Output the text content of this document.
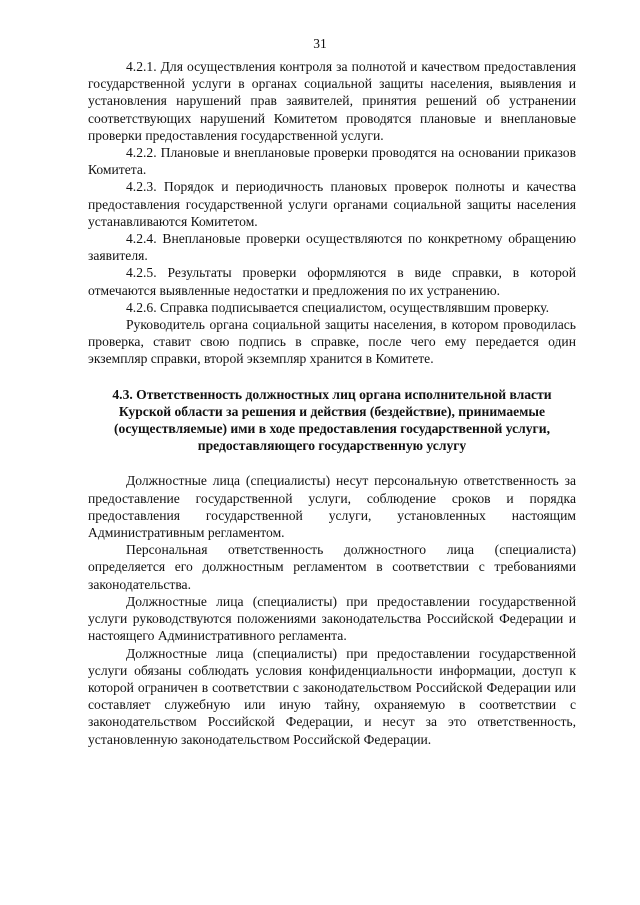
31

4.2.1. Для осуществления контроля за полнотой и качеством предоставления государственной услуги в органах социальной защиты населения, выявления и установления нарушений прав заявителей, принятия решений об устранении соответствующих нарушений Комитетом проводятся плановые и внеплановые проверки предоставления государственной услуги.

4.2.2. Плановые и внеплановые проверки проводятся на основании приказов Комитета.

4.2.3. Порядок и периодичность плановых проверок полноты и качества предоставления государственной услуги органами социальной защиты населения устанавливаются Комитетом.

4.2.4. Внеплановые проверки осуществляются по конкретному обращению заявителя.

4.2.5. Результаты проверки оформляются в виде справки, в которой отмечаются выявленные недостатки и предложения по их устранению.

4.2.6. Справка подписывается специалистом, осуществлявшим проверку.

Руководитель органа социальной защиты населения, в котором проводилась проверка, ставит свою подпись в справке, после чего ему передается один экземпляр справки, второй экземпляр хранится в Комитете.

4.3. Ответственность должностных лиц органа исполнительной власти Курской области за решения и действия (бездействие), принимаемые (осуществляемые) ими в ходе предоставления государственной услуги, предоставляющего государственную услугу

Должностные лица (специалисты) несут персональную ответственность за предоставление государственной услуги, соблюдение сроков и порядка предоставления государственной услуги, установленных настоящим Административным регламентом.

Персональная ответственность должностного лица (специалиста) определяется его должностным регламентом в соответствии с требованиями законодательства.

Должностные лица (специалисты) при предоставлении государственной услуги руководствуются положениями законодательства Российской Федерации и настоящего Административного регламента.

Должностные лица (специалисты) при предоставлении государственной услуги обязаны соблюдать условия конфиденциальности информации, доступ к которой ограничен в соответствии с законодательством Российской Федерации или составляет служебную или иную тайну, охраняемую в соответствии с законодательством Российской Федерации, и несут за это ответственность, установленную законодательством Российской Федерации.
